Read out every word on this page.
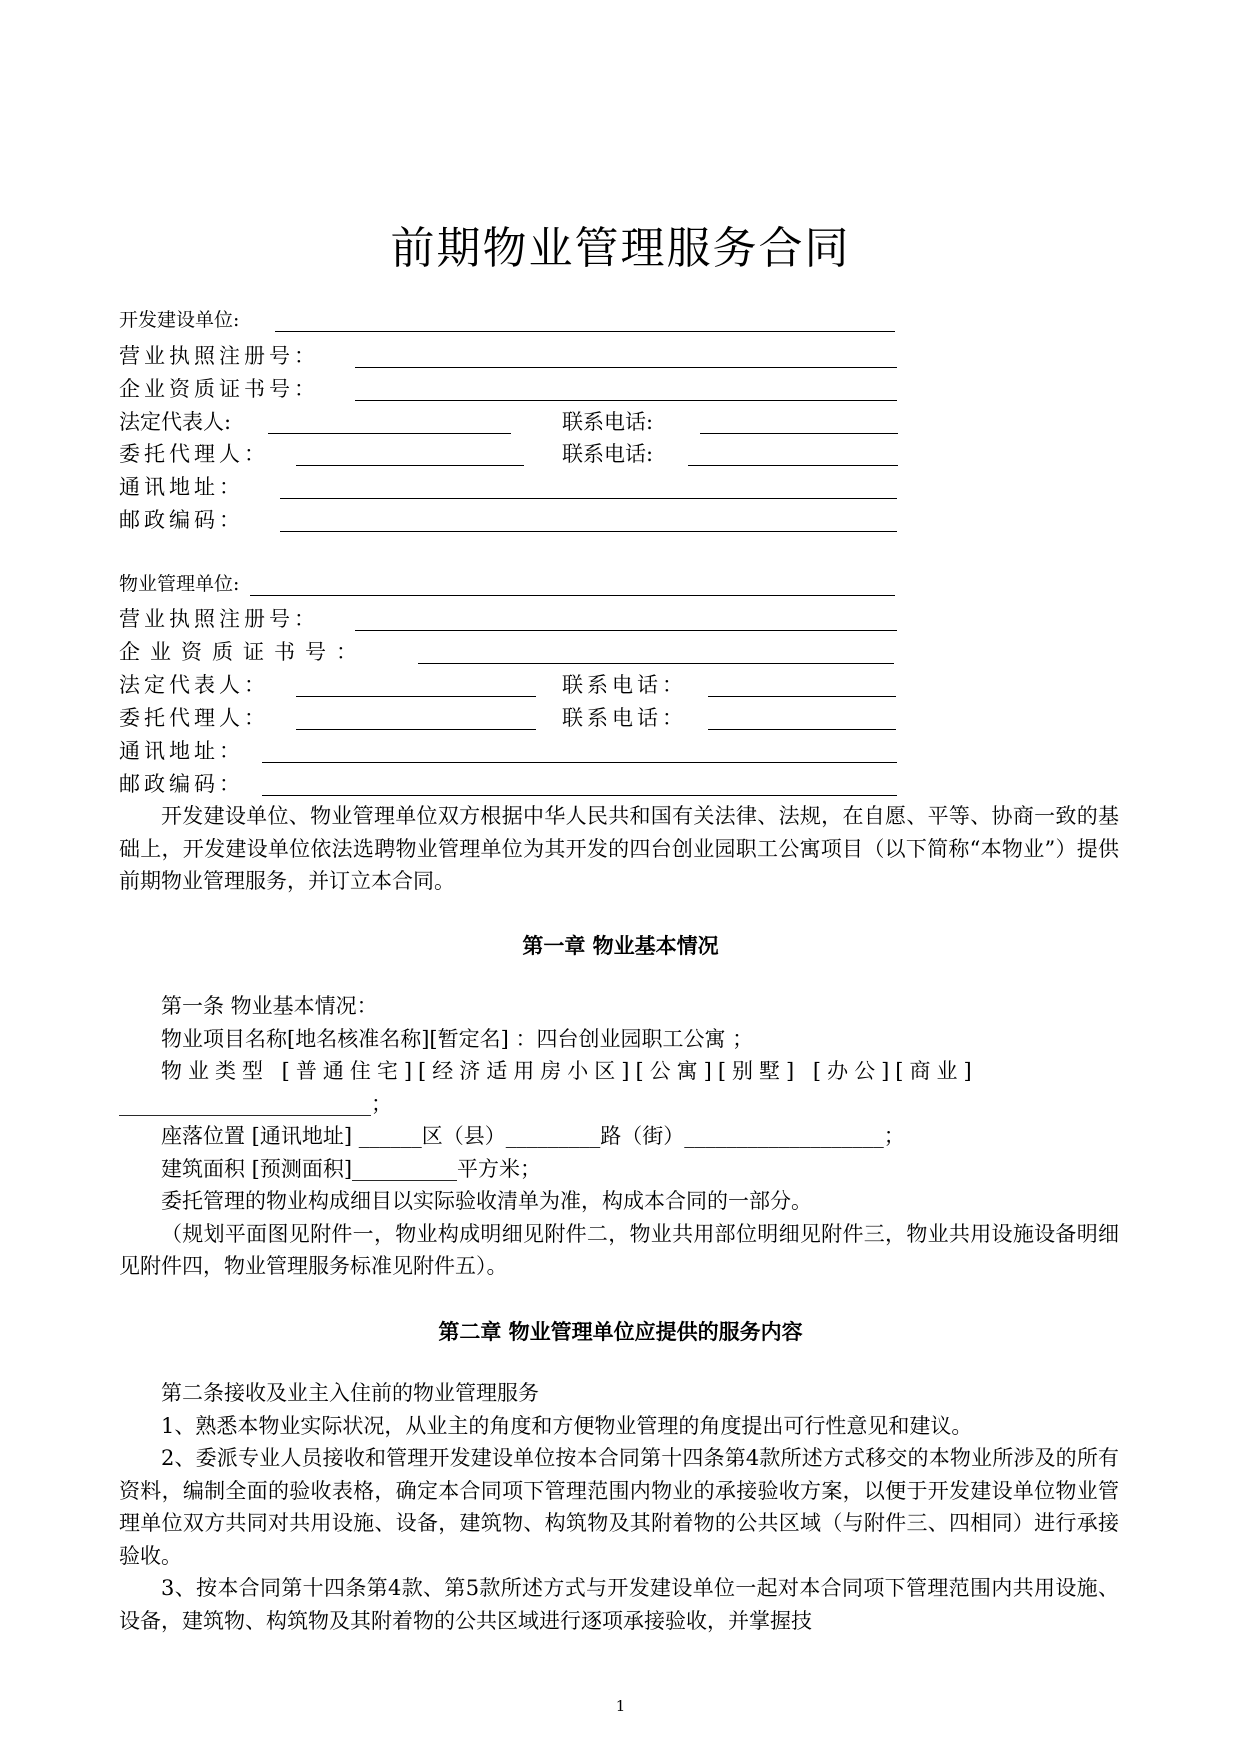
前期物业管理服务合同
开发建设单位:
营业执照注册号：
企业资质证书号：
法定代表人:	联系电话:
委托代理人：	联系电话:
通讯地址：
邮政编码：
物业管理单位:
营业执照注册号：
企业资质证书号：
法定代表人：	联系电话：
委托代理人：	联系电话：
通讯地址：
邮政编码：

开发建设单位、物业管理单位双方根据中华人民共和国有关法律、法规，在自愿、平等、协商一致的基础上，开发建设单位依法选聘物业管理单位为其开发的四台创业园职工公寓项目（以下简称“本物业”）提供前期物业管理服务，并订立本合同。

第一章 物业基本情况

第一条 物业基本情况：

物业项目名称[地名核准名称][暂定名] ：四台创业园职工公寓 ；

物业类型 [普通住宅][经济适用房小区][公寓][别墅] [办公][商业]

________________________；

座落位置 [通讯地址] ______区（县）_________路（街）___________________；

建筑面积 [预测面积]__________平方米；

委托管理的物业构成细目以实际验收清单为准，构成本合同的一部分。

（规划平面图见附件一，物业构成明细见附件二，物业共用部位明细见附件三，物业共用设施设备明细见附件四，物业管理服务标准见附件五）。

第二章 物业管理单位应提供的服务内容

第二条接收及业主入住前的物业管理服务

1、熟悉本物业实际状况，从业主的角度和方便物业管理的角度提出可行性意见和建议。

2、委派专业人员接收和管理开发建设单位按本合同第十四条第4款所述方式移交的本物业所涉及的所有资料，编制全面的验收表格，确定本合同项下管理范围内物业的承接验收方案，以便于开发建设单位物业管理单位双方共同对共用设施、设备，建筑物、构筑物及其附着物的公共区域（与附件三、四相同）进行承接验收。

3、按本合同第十四条第4款、第5款所述方式与开发建设单位一起对本合同项下管理范围内共用设施、设备，建筑物、构筑物及其附着物的公共区域进行逐项承接验收，并掌握技

1
